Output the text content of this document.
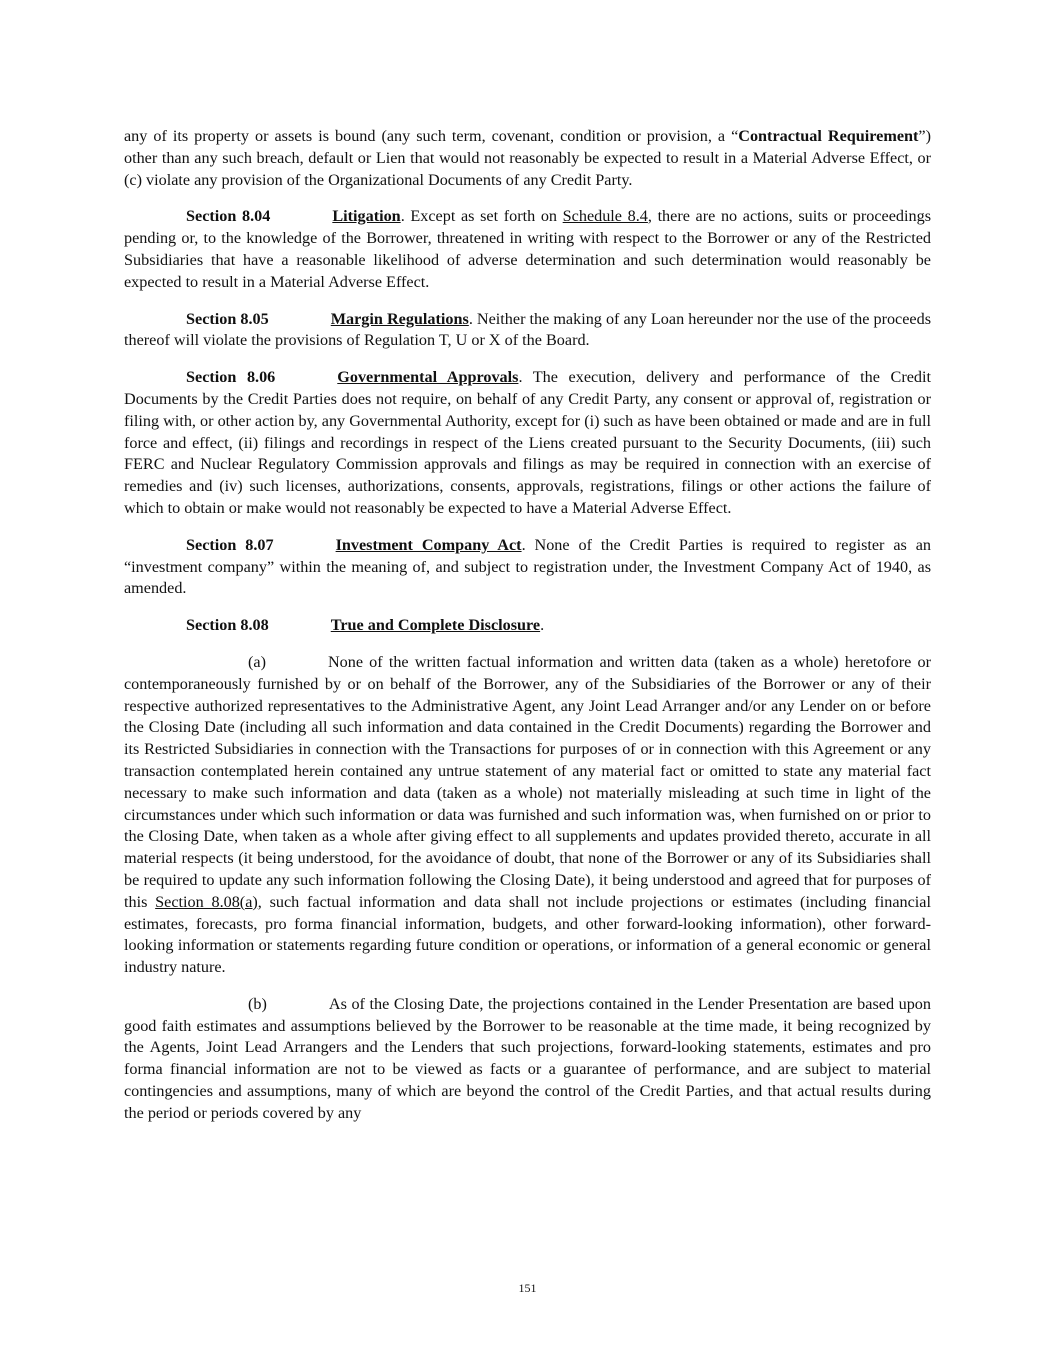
any of its property or assets is bound (any such term, covenant, condition or provision, a “Contractual Requirement”) other than any such breach, default or Lien that would not reasonably be expected to result in a Material Adverse Effect, or (c) violate any provision of the Organizational Documents of any Credit Party.

Section 8.04	Litigation. Except as set forth on Schedule 8.4, there are no actions, suits or proceedings pending or, to the knowledge of the Borrower, threatened in writing with respect to the Borrower or any of the Restricted Subsidiaries that have a reasonable likelihood of adverse determination and such determination would reasonably be expected to result in a Material Adverse Effect.

Section 8.05	Margin Regulations. Neither the making of any Loan hereunder nor the use of the proceeds thereof will violate the provisions of Regulation T, U or X of the Board.

Section 8.06	Governmental Approvals. The execution, delivery and performance of the Credit Documents by the Credit Parties does not require, on behalf of any Credit Party, any consent or approval of, registration or filing with, or other action by, any Governmental Authority, except for (i) such as have been obtained or made and are in full force and effect, (ii) filings and recordings in respect of the Liens created pursuant to the Security Documents, (iii) such FERC and Nuclear Regulatory Commission approvals and filings as may be required in connection with an exercise of remedies and (iv) such licenses, authorizations, consents, approvals, registrations, filings or other actions the failure of which to obtain or make would not reasonably be expected to have a Material Adverse Effect.

Section 8.07	Investment Company Act. None of the Credit Parties is required to register as an “investment company” within the meaning of, and subject to registration under, the Investment Company Act of 1940, as amended.

Section 8.08	True and Complete Disclosure.

(a)	None of the written factual information and written data (taken as a whole) heretofore or contemporaneously furnished by or on behalf of the Borrower, any of the Subsidiaries of the Borrower or any of their respective authorized representatives to the Administrative Agent, any Joint Lead Arranger and/or any Lender on or before the Closing Date (including all such information and data contained in the Credit Documents) regarding the Borrower and its Restricted Subsidiaries in connection with the Transactions for purposes of or in connection with this Agreement or any transaction contemplated herein contained any untrue statement of any material fact or omitted to state any material fact necessary to make such information and data (taken as a whole) not materially misleading at such time in light of the circumstances under which such information or data was furnished and such information was, when furnished on or prior to the Closing Date, when taken as a whole after giving effect to all supplements and updates provided thereto, accurate in all material respects (it being understood, for the avoidance of doubt, that none of the Borrower or any of its Subsidiaries shall be required to update any such information following the Closing Date), it being understood and agreed that for purposes of this Section 8.08(a), such factual information and data shall not include projections or estimates (including financial estimates, forecasts, pro forma financial information, budgets, and other forward-looking information), other forward-looking information or statements regarding future condition or operations, or information of a general economic or general industry nature.

(b)	As of the Closing Date, the projections contained in the Lender Presentation are based upon good faith estimates and assumptions believed by the Borrower to be reasonable at the time made, it being recognized by the Agents, Joint Lead Arrangers and the Lenders that such projections, forward-looking statements, estimates and pro forma financial information are not to be viewed as facts or a guarantee of performance, and are subject to material contingencies and assumptions, many of which are beyond the control of the Credit Parties, and that actual results during the period or periods covered by any

151
